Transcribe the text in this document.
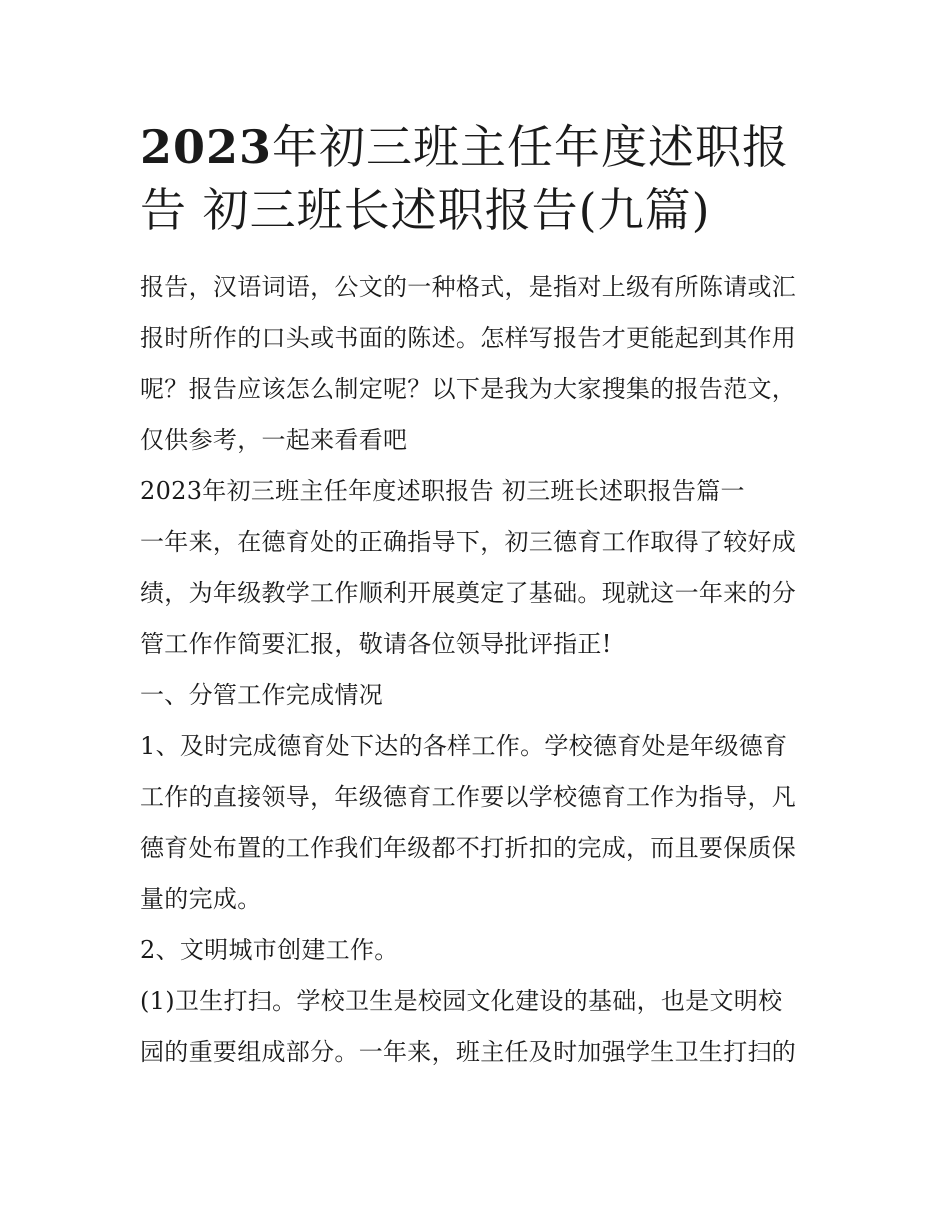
2023年初三班主任年度述职报
告 初三班长述职报告(九篇)
报告，汉语词语，公文的一种格式，是指对上级有所陈请或汇
报时所作的口头或书面的陈述。怎样写报告才更能起到其作用
呢？报告应该怎么制定呢？以下是我为大家搜集的报告范文，
仅供参考，一起来看看吧
2023年初三班主任年度述职报告 初三班长述职报告篇一
一年来，在德育处的正确指导下，初三德育工作取得了较好成
绩，为年级教学工作顺利开展奠定了基础。现就这一年来的分
管工作作简要汇报，敬请各位领导批评指正!
一、分管工作完成情况
1、及时完成德育处下达的各样工作。学校德育处是年级德育
工作的直接领导，年级德育工作要以学校德育工作为指导，凡
德育处布置的工作我们年级都不打折扣的完成，而且要保质保
量的完成。
2、文明城市创建工作。
(1)卫生打扫。学校卫生是校园文化建设的基础，也是文明校
园的重要组成部分。一年来，班主任及时加强学生卫生打扫的
